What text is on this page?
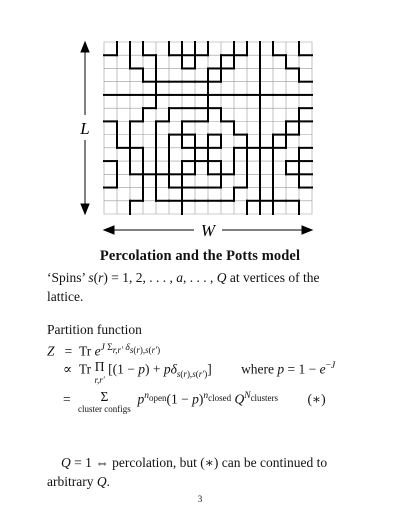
L
W
Percolation and the Potts model
‘Spins’ s(r) = 1, 2, . . . , a, . . . , Q at vertices of the lattice.
Partition function
Z =  Tr $e^{J \Sigma_{r,r'} \delta_{s(r),s(r')}}$
∝  Tr Π
r,r′ $[(1 - p) + p\delta_{s(r),s(r')}]$ where $p = 1 - e^{-J}$
= Σ
cluster configs  $p^{n_{open}}(1 - p)^{n_{closed}}$ $Q^{N_{clusters}}$ (∗)
Q = 1 ⇔ percolation, but (∗) can be continued to arbitrary Q.
3
